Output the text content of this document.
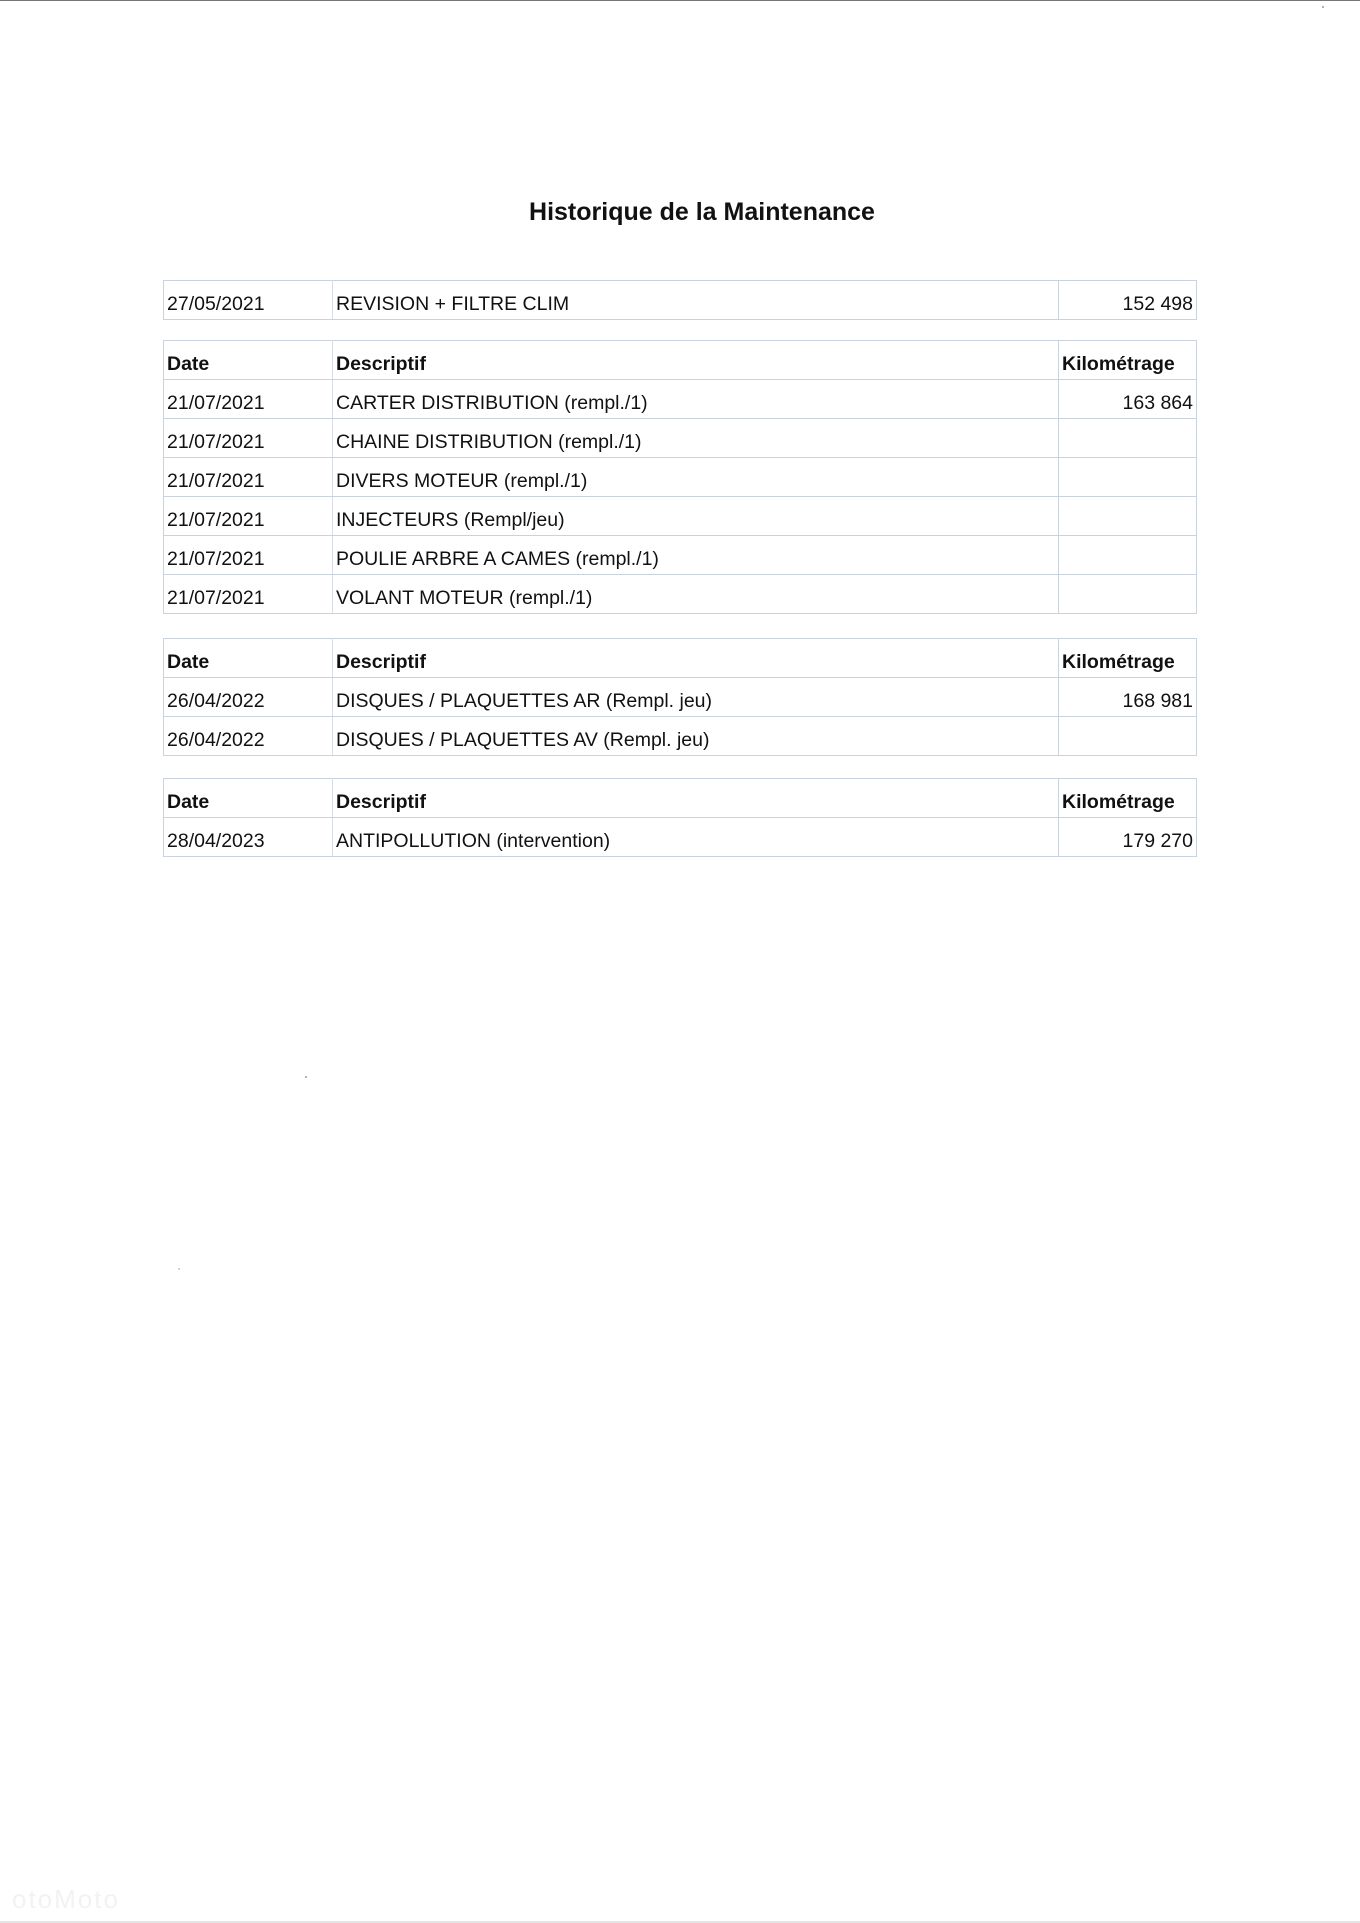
Historique de la Maintenance
27/05/2021	REVISION + FILTRE CLIM	152 498
Date	Descriptif	Kilométrage
21/07/2021	CARTER DISTRIBUTION (rempl./1)	163 864
21/07/2021	CHAINE DISTRIBUTION (rempl./1)	
21/07/2021	DIVERS MOTEUR (rempl./1)	
21/07/2021	INJECTEURS (Rempl/jeu)	
21/07/2021	POULIE ARBRE A CAMES (rempl./1)	
21/07/2021	VOLANT MOTEUR (rempl./1)	
Date	Descriptif	Kilométrage
26/04/2022	DISQUES / PLAQUETTES AR (Rempl. jeu)	168 981
26/04/2022	DISQUES / PLAQUETTES AV (Rempl. jeu)	
Date	Descriptif	Kilométrage
28/04/2023	ANTIPOLLUTION (intervention)	179 270
otoMoto
